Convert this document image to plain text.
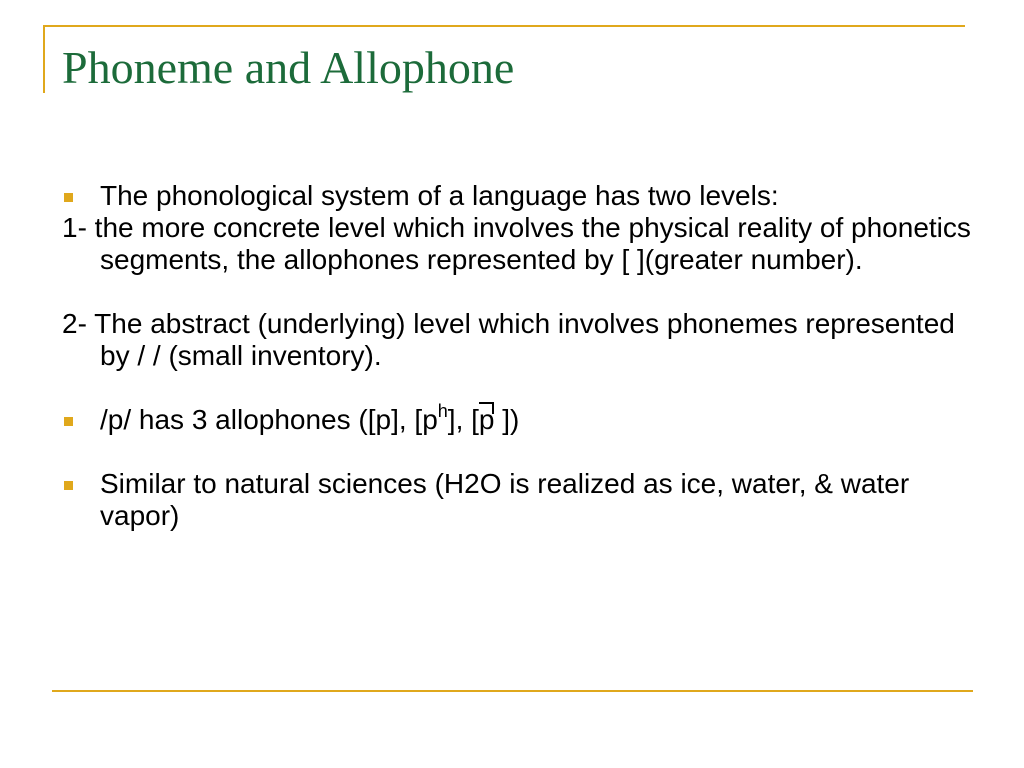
Phoneme and Allophone
The phonological system of a language has two levels:
1- the more concrete level which involves the physical reality of phonetics segments, the allophones represented by [ ](greater number).
2- The abstract (underlying) level which involves phonemes represented by / / (small inventory).
/p/ has 3 allophones ([p], $[p^h]$, [
p ])
Similar to natural sciences (H2O is realized as ice, water, & water vapor)
